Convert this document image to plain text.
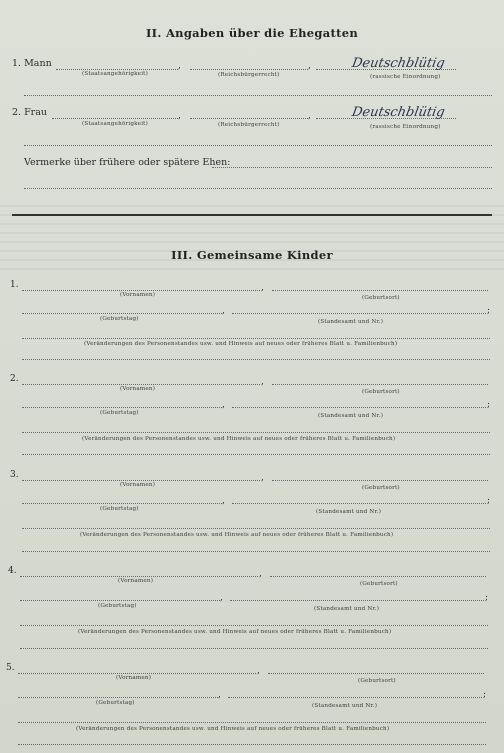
II. Angaben über die Ehegatten
1. Mann	,	,	Deutschblütig
(Staatsangehörigkeit)	(Reichsbürgerrecht)	(rassische Einordnung)
2. Frau	,	,	Deutschblütig
(Staatsangehörigkeit)	(Reichsbürgerrecht)	(rassische Einordnung)
Vermerke über frühere oder spätere Ehen:
III. Gemeinsame Kinder
1.	,
(Vornamen)	(Geburtsort)
,	;
(Geburtstag)	(Standesamt und Nr.)
(Veränderungen des Personenstandes usw. und Hinweis auf neues oder früheres Blatt u. Familienbuch)
2.	,
(Vornamen)	(Geburtsort)
,	;
(Geburtstag)	(Standesamt und Nr.)
(Veränderungen des Personenstandes usw. und Hinweis auf neues oder früheres Blatt u. Familienbuch)
3.	,
(Vornamen)	(Geburtsort)
,	;
(Geburtstag)	(Standesamt und Nr.)
(Veränderungen des Personenstandes usw. und Hinweis auf neues oder früheres Blatt u. Familienbuch)
4.	,
(Vornamen)	(Geburtsort)
,	;
(Geburtstag)	(Standesamt und Nr.)
(Veränderungen des Personenstandes usw. und Hinweis auf neues oder früheres Blatt u. Familienbuch)
5.	,
(Vornamen)	(Geburtsort)
,	;
(Geburtstag)	(Standesamt und Nr.)
(Veränderungen des Personenstandes usw. und Hinweis auf neues oder früheres Blatt u. Familienbuch)
